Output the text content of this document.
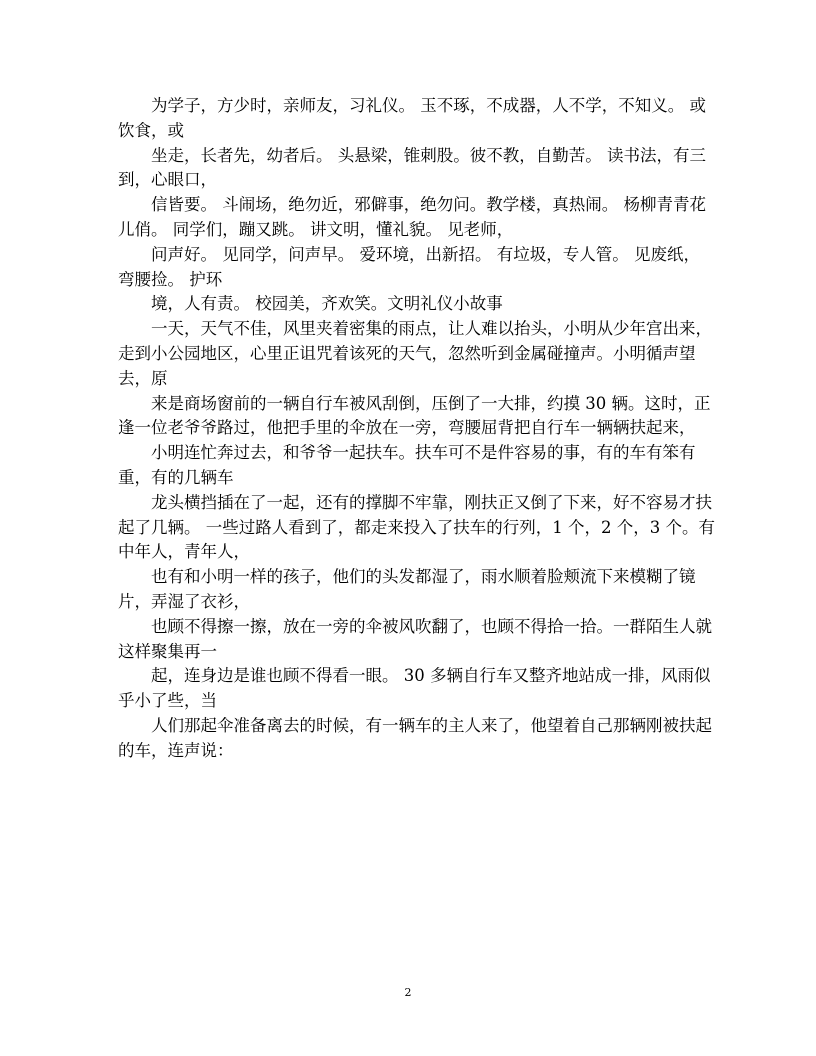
为学子，方少时，亲师友，习礼仪。 玉不琢，不成器，人不学，不知义。 或饮食，或

坐走，长者先，幼者后。 头悬梁，锥刺股。彼不教，自勤苦。 读书法，有三到，心眼口，

信皆要。 斗闹场，绝勿近，邪僻事，绝勿问。教学楼，真热闹。 杨柳青青花儿俏。 同学们，蹦又跳。 讲文明，懂礼貌。 见老师，

问声好。 见同学，问声早。 爱环境，出新招。 有垃圾，专人管。 见废纸，弯腰捡。 护环

境，人有责。 校园美，齐欢笑。文明礼仪小故事

一天，天气不佳，风里夹着密集的雨点，让人难以抬头，小明从少年宫出来，走到小公园地区，心里正诅咒着该死的天气，忽然听到金属碰撞声。小明循声望去，原

来是商场窗前的一辆自行车被风刮倒，压倒了一大排，约摸 30 辆。这时，正逢一位老爷爷路过，他把手里的伞放在一旁，弯腰屈背把自行车一辆辆扶起来，

小明连忙奔过去，和爷爷一起扶车。扶车可不是件容易的事，有的车有笨有重，有的几辆车

龙头横挡插在了一起，还有的撑脚不牢靠，刚扶正又倒了下来，好不容易才扶起了几辆。 一些过路人看到了，都走来投入了扶车的行列，1 个，2 个，3 个。有中年人，青年人，

也有和小明一样的孩子，他们的头发都湿了，雨水顺着脸颊流下来模糊了镜片，弄湿了衣衫，

也顾不得擦一擦，放在一旁的伞被风吹翻了，也顾不得拾一拾。一群陌生人就这样聚集再一

起，连身边是谁也顾不得看一眼。 30 多辆自行车又整齐地站成一排，风雨似乎小了些，当

人们那起伞准备离去的时候，有一辆车的主人来了，他望着自己那辆刚被扶起的车，连声说：

2
